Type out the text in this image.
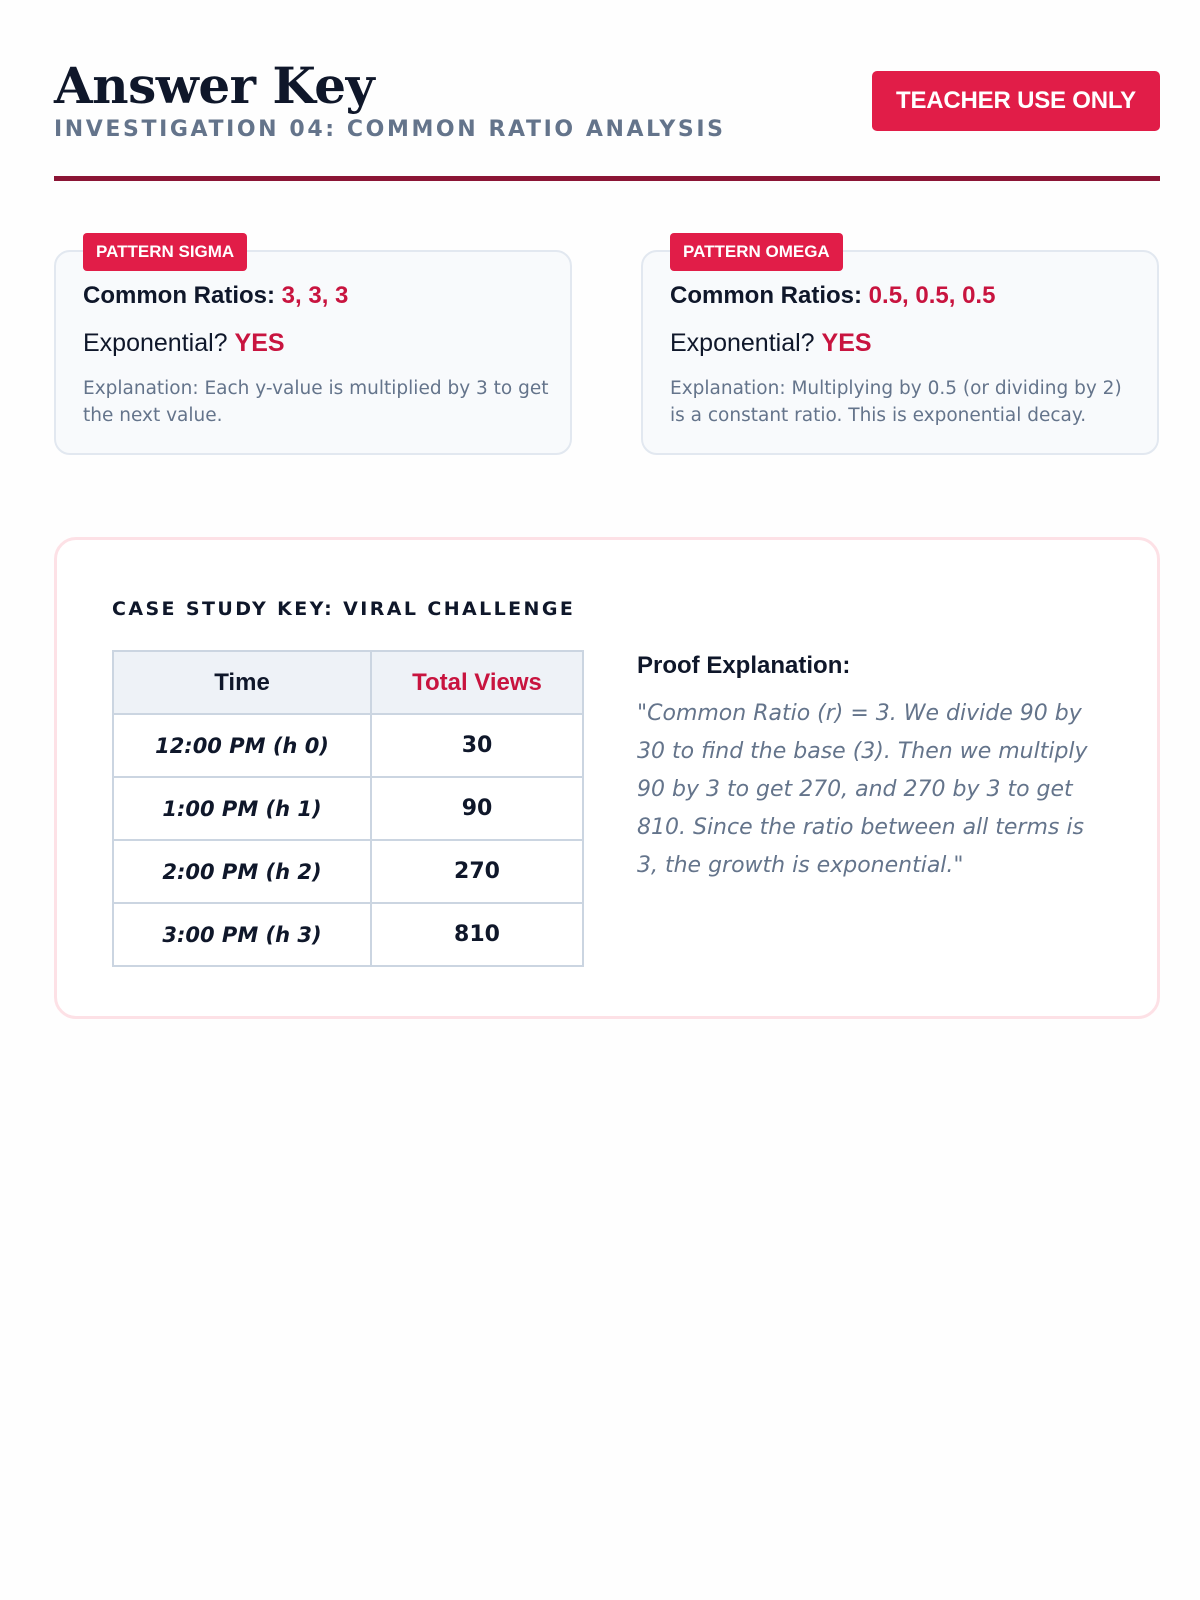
Answer Key
INVESTIGATION 04: COMMON RATIO ANALYSIS
TEACHER USE ONLY
PATTERN SIGMA
Common Ratios: 3, 3, 3
Exponential? YES
Explanation: Each y-value is multiplied by 3 to get the next value.
PATTERN OMEGA
Common Ratios: 0.5, 0.5, 0.5
Exponential? YES
Explanation: Multiplying by 0.5 (or dividing by 2) is a constant ratio. This is exponential decay.
CASE STUDY KEY: VIRAL CHALLENGE
Time	Total Views
12:00 PM (h 0)	30
1:00 PM (h 1)	90
2:00 PM (h 2)	270
3:00 PM (h 3)	810
Proof Explanation:
"Common Ratio (r) = 3. We divide 90 by 30 to find the base (3). Then we multiply 90 by 3 to get 270, and 270 by 3 to get 810. Since the ratio between all terms is 3, the growth is exponential."
